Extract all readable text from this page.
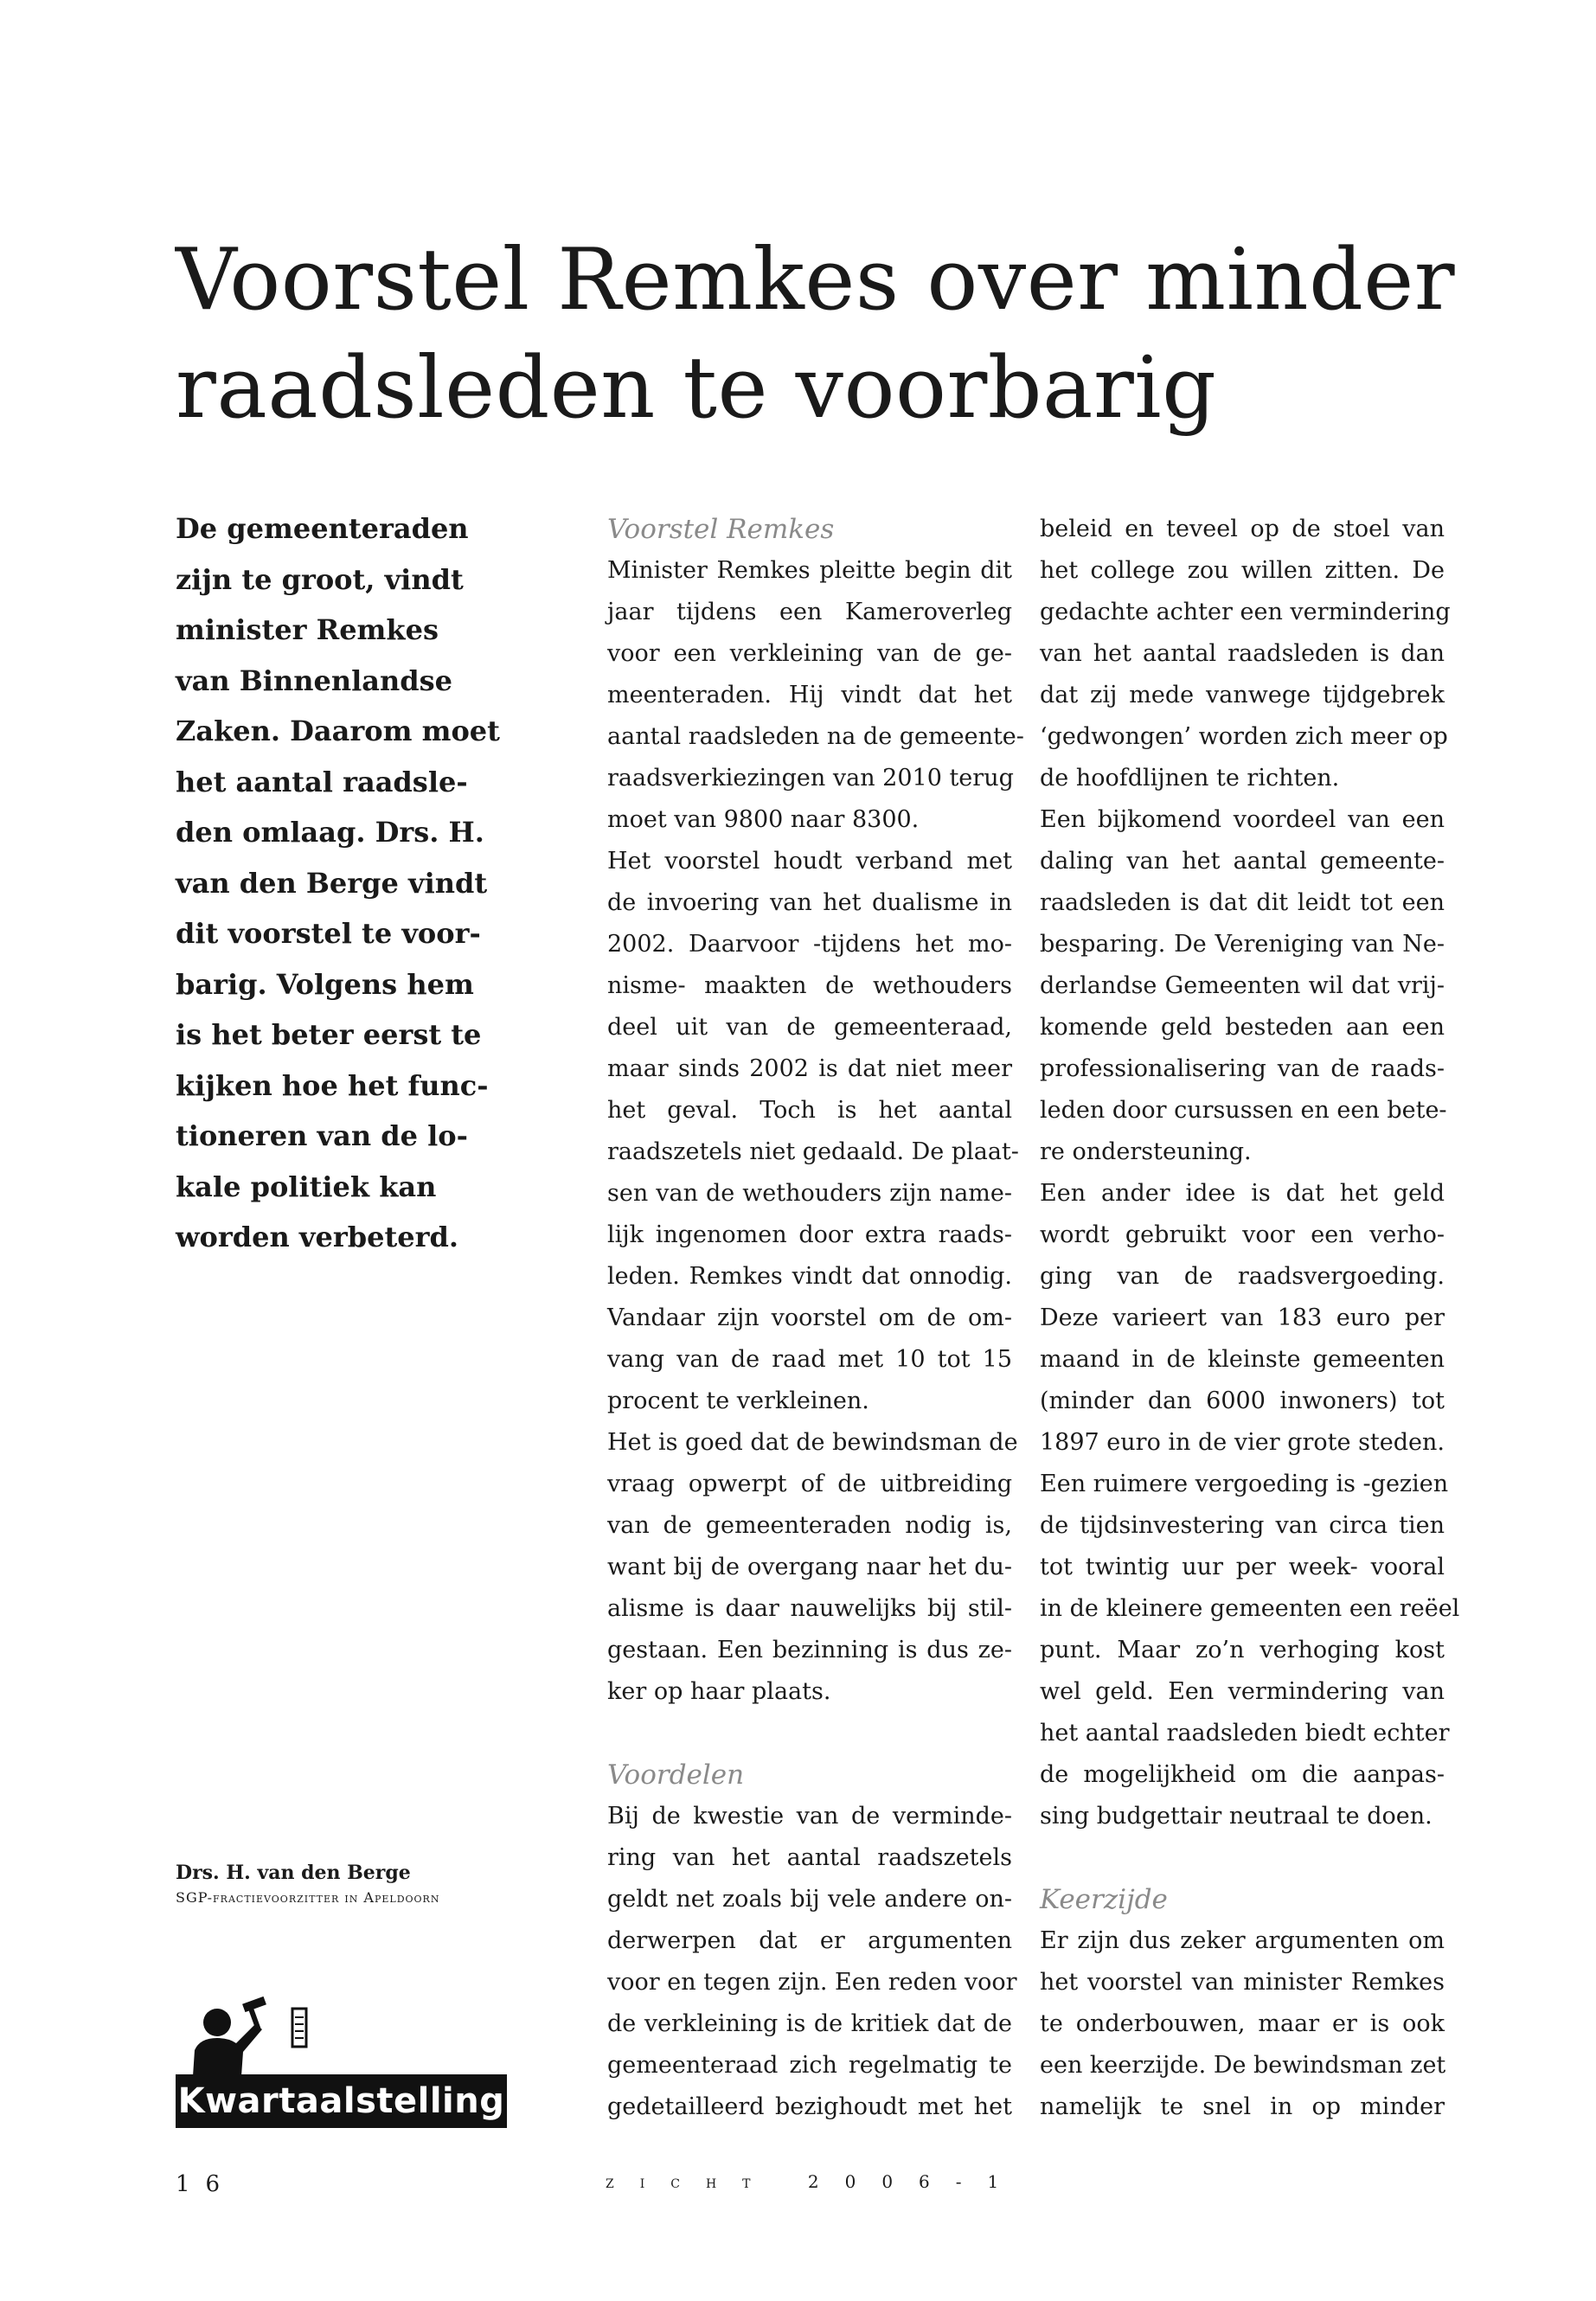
Voorstel Remkes over minder
raadsleden te voorbarig
De gemeenteraden
zijn te groot, vindt
minister Remkes
van Binnenlandse
Zaken. Daarom moet
het aantal raadsle-
den omlaag. Drs. H.
van den Berge vindt
dit voorstel te voor-
barig. Volgens hem
is het beter eerst te
kijken hoe het func-
tioneren van de lo-
kale politiek kan
worden verbeterd.
Voorstel Remkes
Minister Remkes pleitte begin dit
jaar tijdens een Kameroverleg
voor een verkleining van de ge-
meenteraden. Hij vindt dat het
aantal raadsleden na de gemeente-
raadsverkiezingen van 2010 terug
moet van 9800 naar 8300.
Het voorstel houdt verband met
de invoering van het dualisme in
2002. Daarvoor -tijdens het mo-
nisme- maakten de wethouders
deel uit van de gemeenteraad,
maar sinds 2002 is dat niet meer
het geval. Toch is het aantal
raadszetels niet gedaald. De plaat-
sen van de wethouders zijn name-
lijk ingenomen door extra raads-
leden. Remkes vindt dat onnodig.
Vandaar zijn voorstel om de om-
vang van de raad met 10 tot 15
procent te verkleinen.
Het is goed dat de bewindsman de
vraag opwerpt of de uitbreiding
van de gemeenteraden nodig is,
want bij de overgang naar het du-
alisme is daar nauwelijks bij stil-
gestaan. Een bezinning is dus ze-
ker op haar plaats.
Voordelen
Bij de kwestie van de verminde-
ring van het aantal raadszetels
geldt net zoals bij vele andere on-
derwerpen dat er argumenten
voor en tegen zijn. Een reden voor
de verkleining is de kritiek dat de
gemeenteraad zich regelmatig te
gedetailleerd bezighoudt met het
beleid en teveel op de stoel van
het college zou willen zitten. De
gedachte achter een vermindering
van het aantal raadsleden is dan
dat zij mede vanwege tijdgebrek
‘gedwongen’ worden zich meer op
de hoofdlijnen te richten.
Een bijkomend voordeel van een
daling van het aantal gemeente-
raadsleden is dat dit leidt tot een
besparing. De Vereniging van Ne-
derlandse Gemeenten wil dat vrij-
komende geld besteden aan een
professionalisering van de raads-
leden door cursussen en een bete-
re ondersteuning.
Een ander idee is dat het geld
wordt gebruikt voor een verho-
ging van de raadsvergoeding.
Deze varieert van 183 euro per
maand in de kleinste gemeenten
(minder dan 6000 inwoners) tot
1897 euro in de vier grote steden.
Een ruimere vergoeding is -gezien
de tijdsinvestering van circa tien
tot twintig uur per week- vooral
in de kleinere gemeenten een reëel
punt. Maar zo’n verhoging kost
wel geld. Een vermindering van
het aantal raadsleden biedt echter
de mogelijkheid om die aanpas-
sing budgettair neutraal te doen.
Keerzijde
Er zijn dus zeker argumenten om
het voorstel van minister Remkes
te onderbouwen, maar er is ook
een keerzijde. De bewindsman zet
namelijk te snel in op minder
Drs. H. van den Berge
SGP-fractievoorzitter in Apeldoorn
Kwartaalstelling
16	zicht 2006-1
